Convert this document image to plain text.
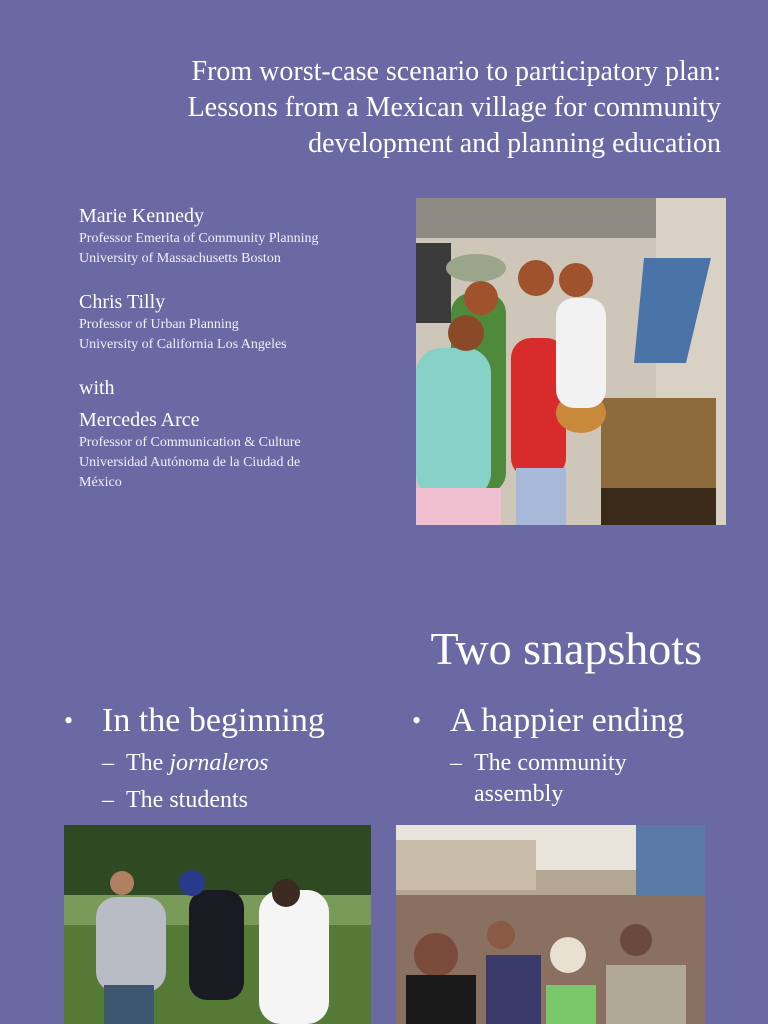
From worst-case scenario to participatory plan:
Lessons from a Mexican village for community
development and planning education
Marie Kennedy
Professor Emerita of Community Planning
University of Massachusetts Boston
Chris Tilly
Professor of Urban Planning
University of California Los Angeles
with
Mercedes Arce
Professor of Communication & Culture
Universidad Autónoma de la Ciudad de
México
Two snapshots
• In the beginning
– The jornaleros
– The students
• A happier ending
– The community
assembly
